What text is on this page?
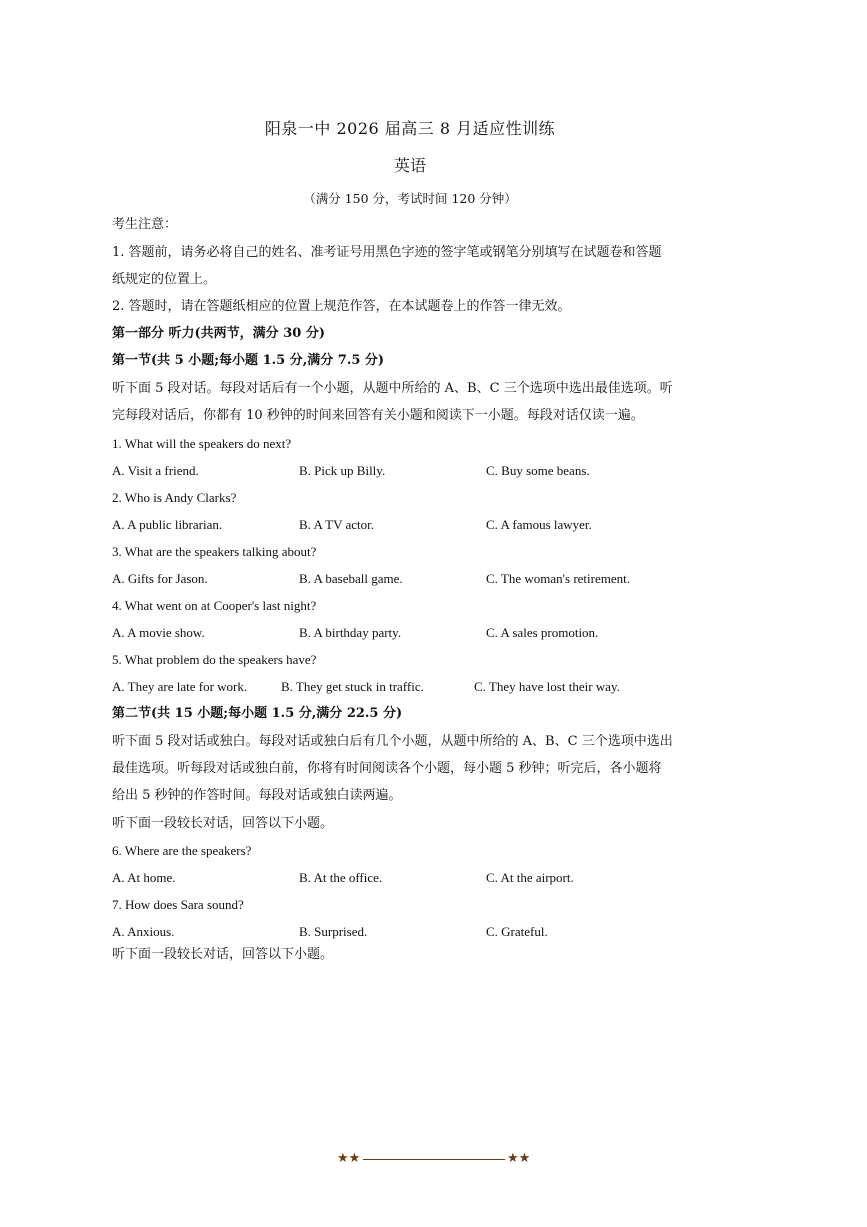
阳泉一中 2026 届高三 8 月适应性训练
英语
（满分 150 分，考试时间 120 分钟）
考生注意：
1. 答题前，请务必将自己的姓名、准考证号用黑色字迹的签字笔或钢笔分别填写在试题卷和答题
纸规定的位置上。
2. 答题时，请在答题纸相应的位置上规范作答，在本试题卷上的作答一律无效。
第一部分 听力(共两节，满分 30 分)
第一节(共 5 小题;每小题 1.5 分,满分 7.5 分)
听下面 5 段对话。每段对话后有一个小题，从题中所给的 A、B、C 三个选项中选出最佳选项。听
完每段对话后，你都有 10 秒钟的时间来回答有关小题和阅读下一小题。每段对话仅读一遍。
1. What will the speakers do next?
A. Visit a friend.	B. Pick up Billy.	C. Buy some beans.
2. Who is Andy Clarks?
A. A public librarian.	B. A TV actor.	C. A famous lawyer.
3. What are the speakers talking about?
A. Gifts for Jason.	B. A baseball game.	C. The woman's retirement.
4. What went on at Cooper's last night?
A. A movie show.	B. A birthday party.	C. A sales promotion.
5. What problem do the speakers have?
A. They are late for work.	B. They get stuck in traffic.	C. They have lost their way.
第二节(共 15 小题;每小题 1.5 分,满分 22.5 分)
听下面 5 段对话或独白。每段对话或独白后有几个小题，从题中所给的 A、B、C 三个选项中选出
最佳选项。听每段对话或独白前，你将有时间阅读各个小题，每小题 5 秒钟；听完后，各小题将
给出 5 秒钟的作答时间。每段对话或独白读两遍。
听下面一段较长对话，回答以下小题。
6. Where are the speakers?
A. At home.	B. At the office.	C. At the airport.
7. How does Sara sound?
A. Anxious.	B. Surprised.	C. Grateful.
听下面一段较长对话，回答以下小题。
★★	★★
